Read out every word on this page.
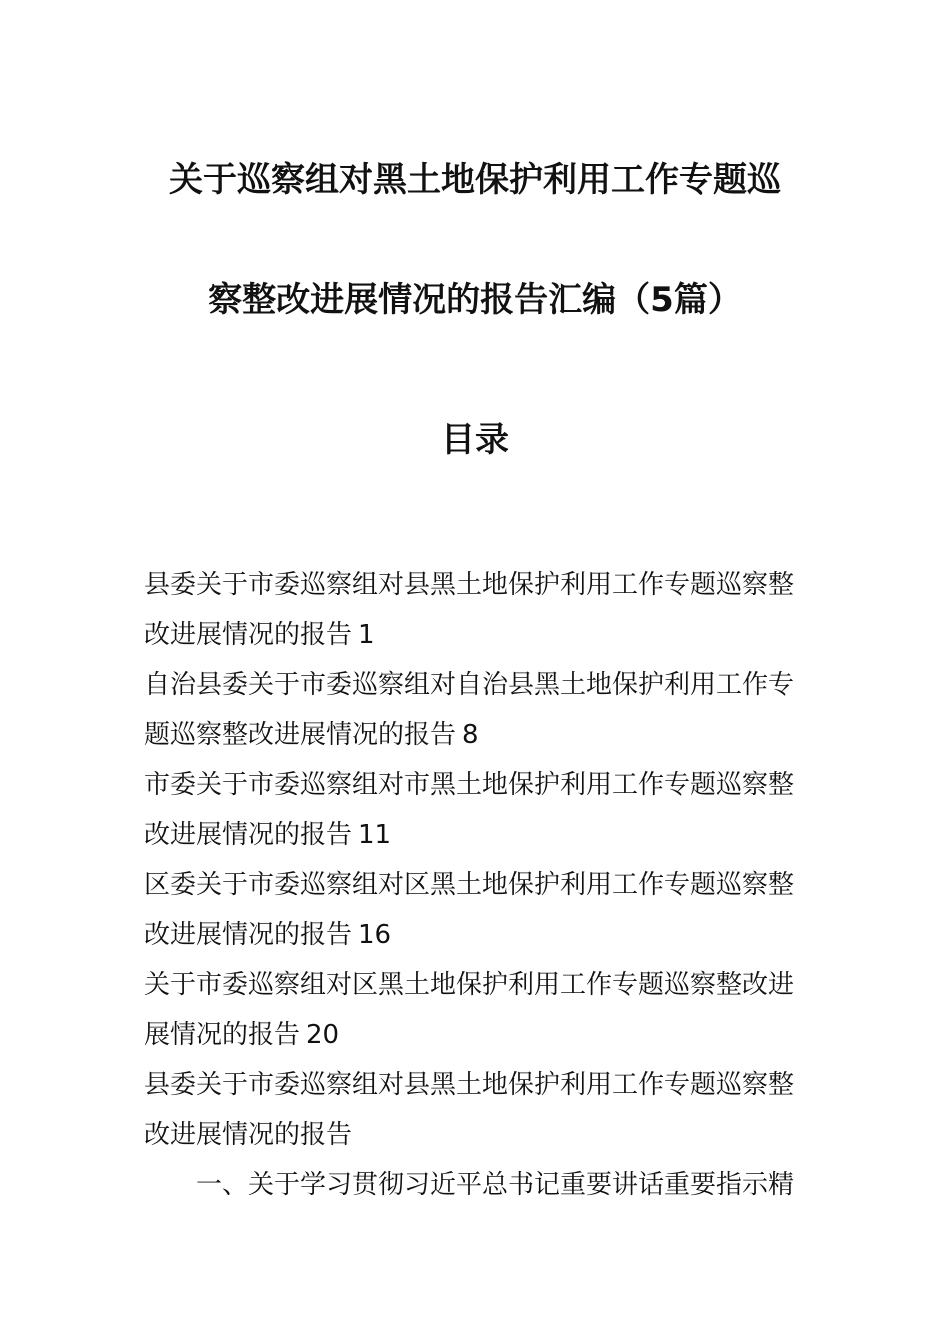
关于巡察组对黑土地保护利用工作专题巡
察整改进展情况的报告汇编（5篇）
目录
县委关于市委巡察组对县黑土地保护利用工作专题巡察整改进展情况的报告 1
自治县委关于市委巡察组对自治县黑土地保护利用工作专题巡察整改进展情况的报告 8
市委关于市委巡察组对市黑土地保护利用工作专题巡察整改进展情况的报告 11
区委关于市委巡察组对区黑土地保护利用工作专题巡察整改进展情况的报告 16
关于市委巡察组对区黑土地保护利用工作专题巡察整改进展情况的报告 20
县委关于市委巡察组对县黑土地保护利用工作专题巡察整改进展情况的报告
一、关于学习贯彻习近平总书记重要讲话重要指示精
